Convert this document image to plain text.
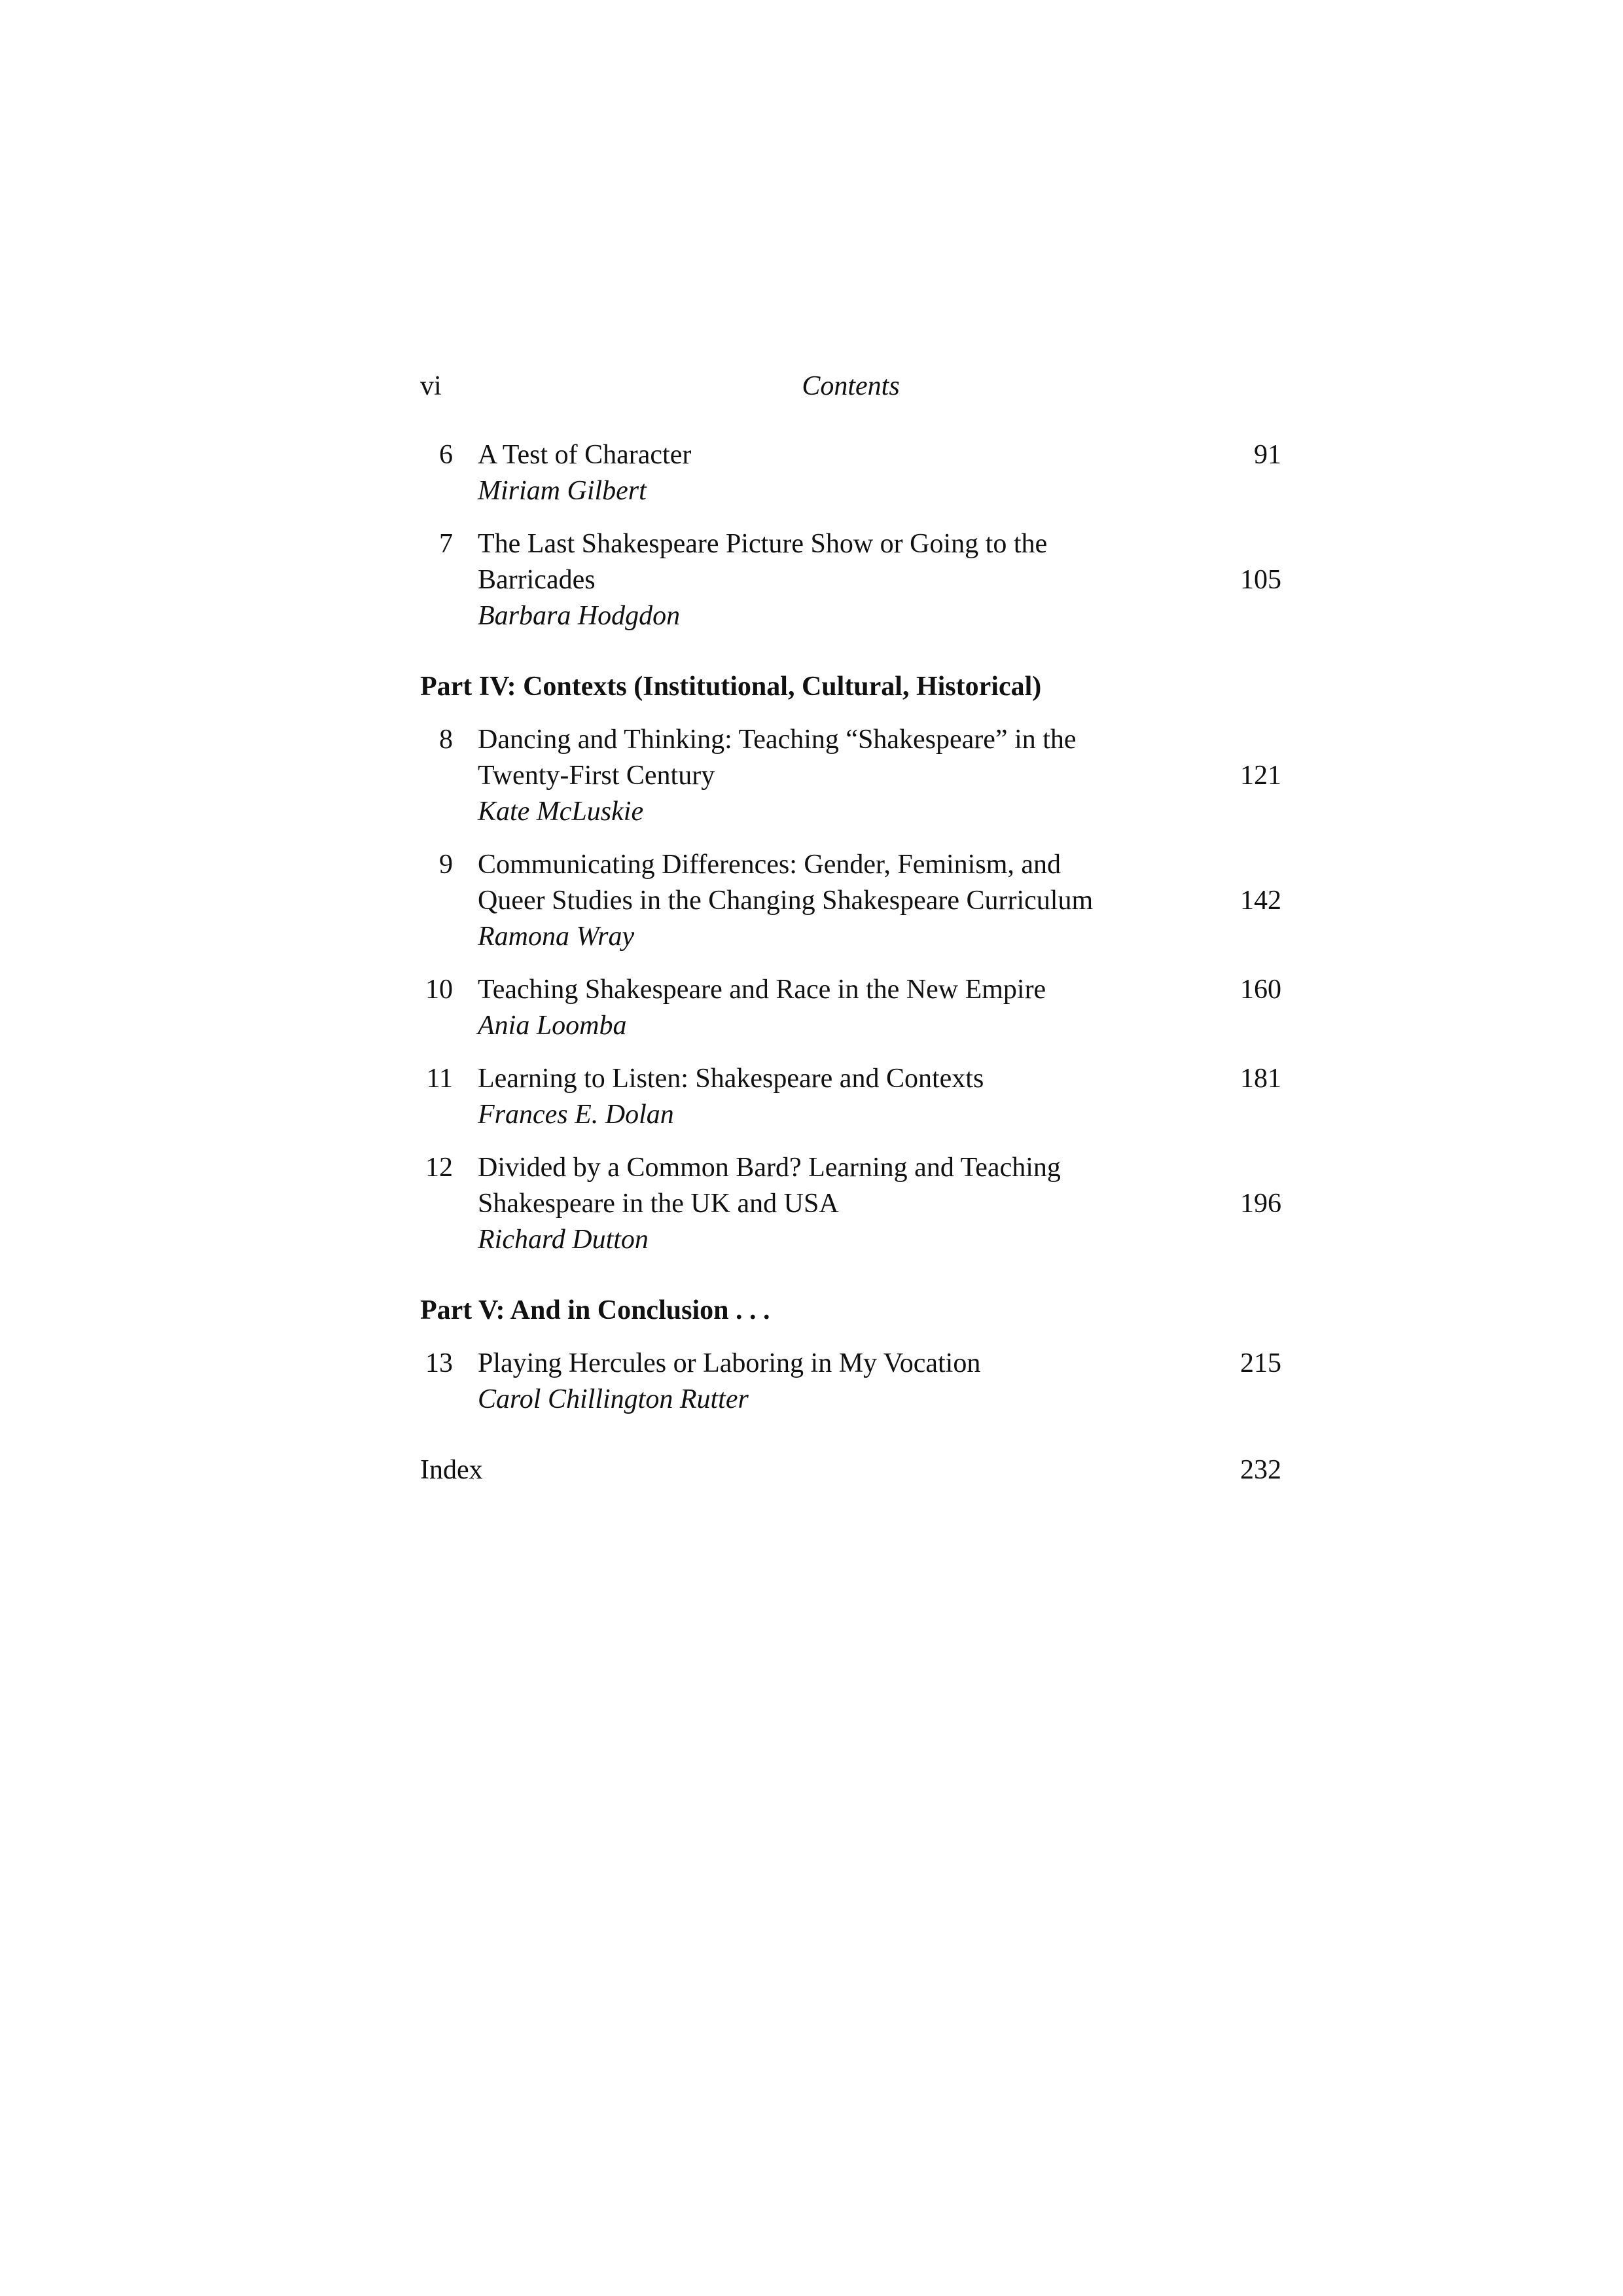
vi	Contents
6 A Test of Character
Miriam Gilbert
91
7 The Last Shakespeare Picture Show or Going to the
Barricades
Barbara Hodgdon
105
Part IV: Contexts (Institutional, Cultural, Historical)
8 Dancing and Thinking: Teaching “Shakespeare” in the
Twenty-First Century
Kate McLuskie
121
9 Communicating Differences: Gender, Feminism, and
Queer Studies in the Changing Shakespeare Curriculum
Ramona Wray
142
10 Teaching Shakespeare and Race in the New Empire
Ania Loomba
160
11 Learning to Listen: Shakespeare and Contexts
Frances E. Dolan
181
12 Divided by a Common Bard? Learning and Teaching
Shakespeare in the UK and USA
Richard Dutton
196
Part V: And in Conclusion . . .
13 Playing Hercules or Laboring in My Vocation
Carol Chillington Rutter
215
Index	232
